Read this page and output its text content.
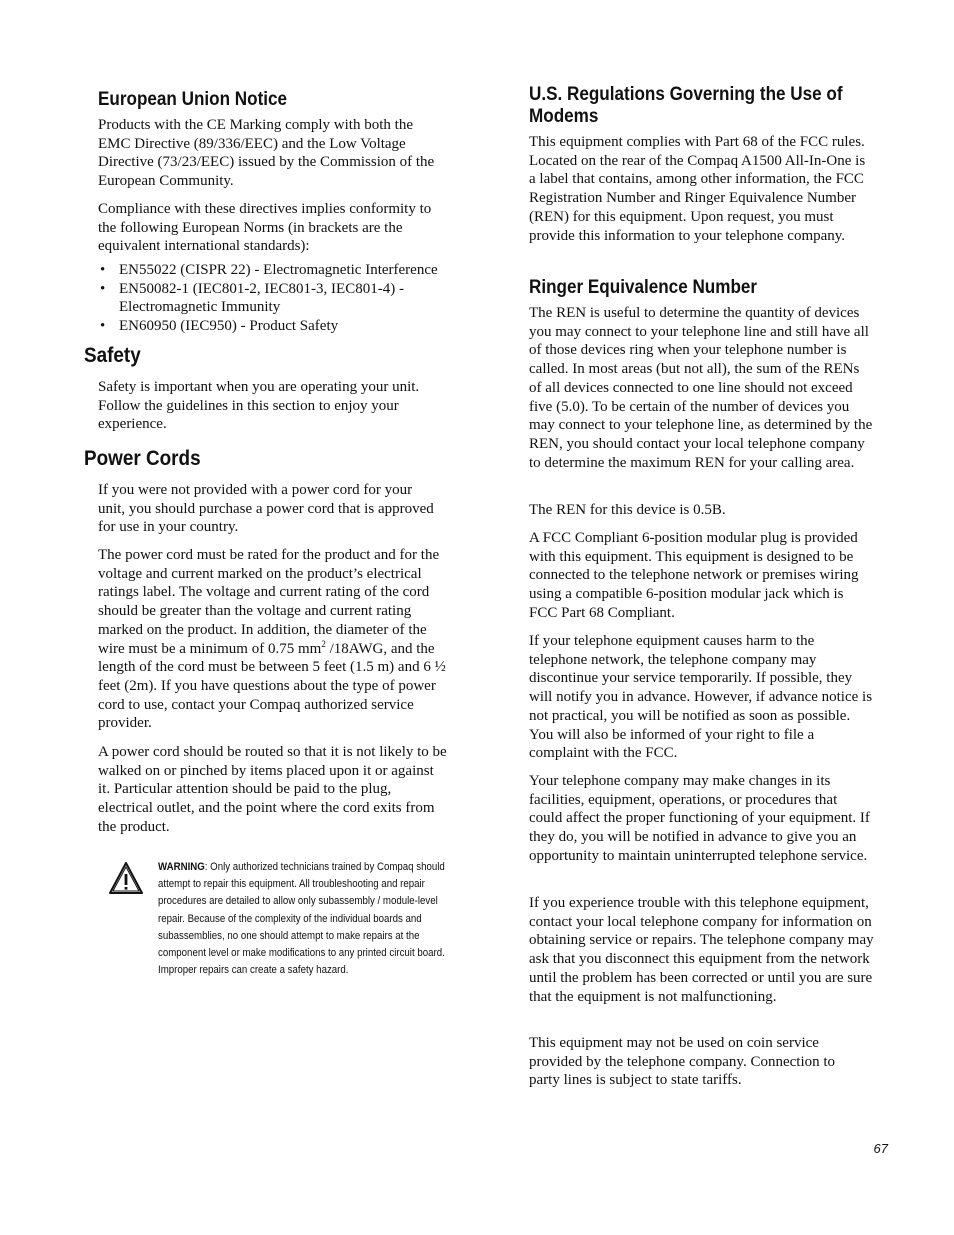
European Union Notice

Products with the CE Marking comply with both the EMC Directive (89/336/EEC) and the Low Voltage Directive (73/23/EEC) issued by the Commission of the European Community.

Compliance with these directives implies conformity to the following European Norms (in brackets are the equivalent international standards):

• EN55022 (CISPR 22) - Electromagnetic Interference
• EN50082-1 (IEC801-2, IEC801-3, IEC801-4) - Electromagnetic Immunity
• EN60950 (IEC950) - Product Safety
Safety

Safety is important when you are operating your unit. Follow the guidelines in this section to enjoy your experience.

Power Cords

If you were not provided with a power cord for your unit, you should purchase a power cord that is approved for use in your country.

The power cord must be rated for the product and for the voltage and current marked on the product’s electrical ratings label. The voltage and current rating of the cord should be greater than the voltage and current rating marked on the product. In addition, the diameter of the wire must be a minimum of 0.75 $mm^2$ /18AWG, and the length of the cord must be between 5 feet (1.5 m) and 6 ½ feet (2m). If you have questions about the type of power cord to use, contact your Compaq authorized service provider.

A power cord should be routed so that it is not likely to be walked on or pinched by items placed upon it or against it. Particular attention should be paid to the plug, electrical outlet, and the point where the cord exits from the product.

WARNING: Only authorized technicians trained by Compaq should attempt to repair this equipment. All troubleshooting and repair procedures are detailed to allow only subassembly / module-level repair. Because of the complexity of the individual boards and subassemblies, no one should attempt to make repairs at the component level or make modifications to any printed circuit board. Improper repairs can create a safety hazard.
U.S. Regulations Governing the Use of
Modems

This equipment complies with Part 68 of the FCC rules. Located on the rear of the Compaq A1500 All-In-One is a label that contains, among other information, the FCC Registration Number and Ringer Equivalence Number (REN) for this equipment. Upon request, you must provide this information to your telephone company.

Ringer Equivalence Number

The REN is useful to determine the quantity of devices you may connect to your telephone line and still have all of those devices ring when your telephone number is called. In most areas (but not all), the sum of the RENs of all devices connected to one line should not exceed five (5.0). To be certain of the number of devices you may connect to your telephone line, as determined by the REN, you should contact your local telephone company to determine the maximum REN for your calling area.

The REN for this device is 0.5B.

A FCC Compliant 6-position modular plug is provided with this equipment. This equipment is designed to be connected to the telephone network or premises wiring using a compatible 6-position modular jack which is FCC Part 68 Compliant.

If your telephone equipment causes harm to the telephone network, the telephone company may discontinue your service temporarily. If possible, they will notify you in advance. However, if advance notice is not practical, you will be notified as soon as possible. You will also be informed of your right to file a complaint with the FCC.

Your telephone company may make changes in its facilities, equipment, operations, or procedures that could affect the proper functioning of your equipment. If they do, you will be notified in advance to give you an opportunity to maintain uninterrupted telephone service.

If you experience trouble with this telephone equipment, contact your local telephone company for information on obtaining service or repairs. The telephone company may ask that you disconnect this equipment from the network until the problem has been corrected or until you are sure that the equipment is not malfunctioning.

This equipment may not be used on coin service provided by the telephone company. Connection to party lines is subject to state tariffs.

67
